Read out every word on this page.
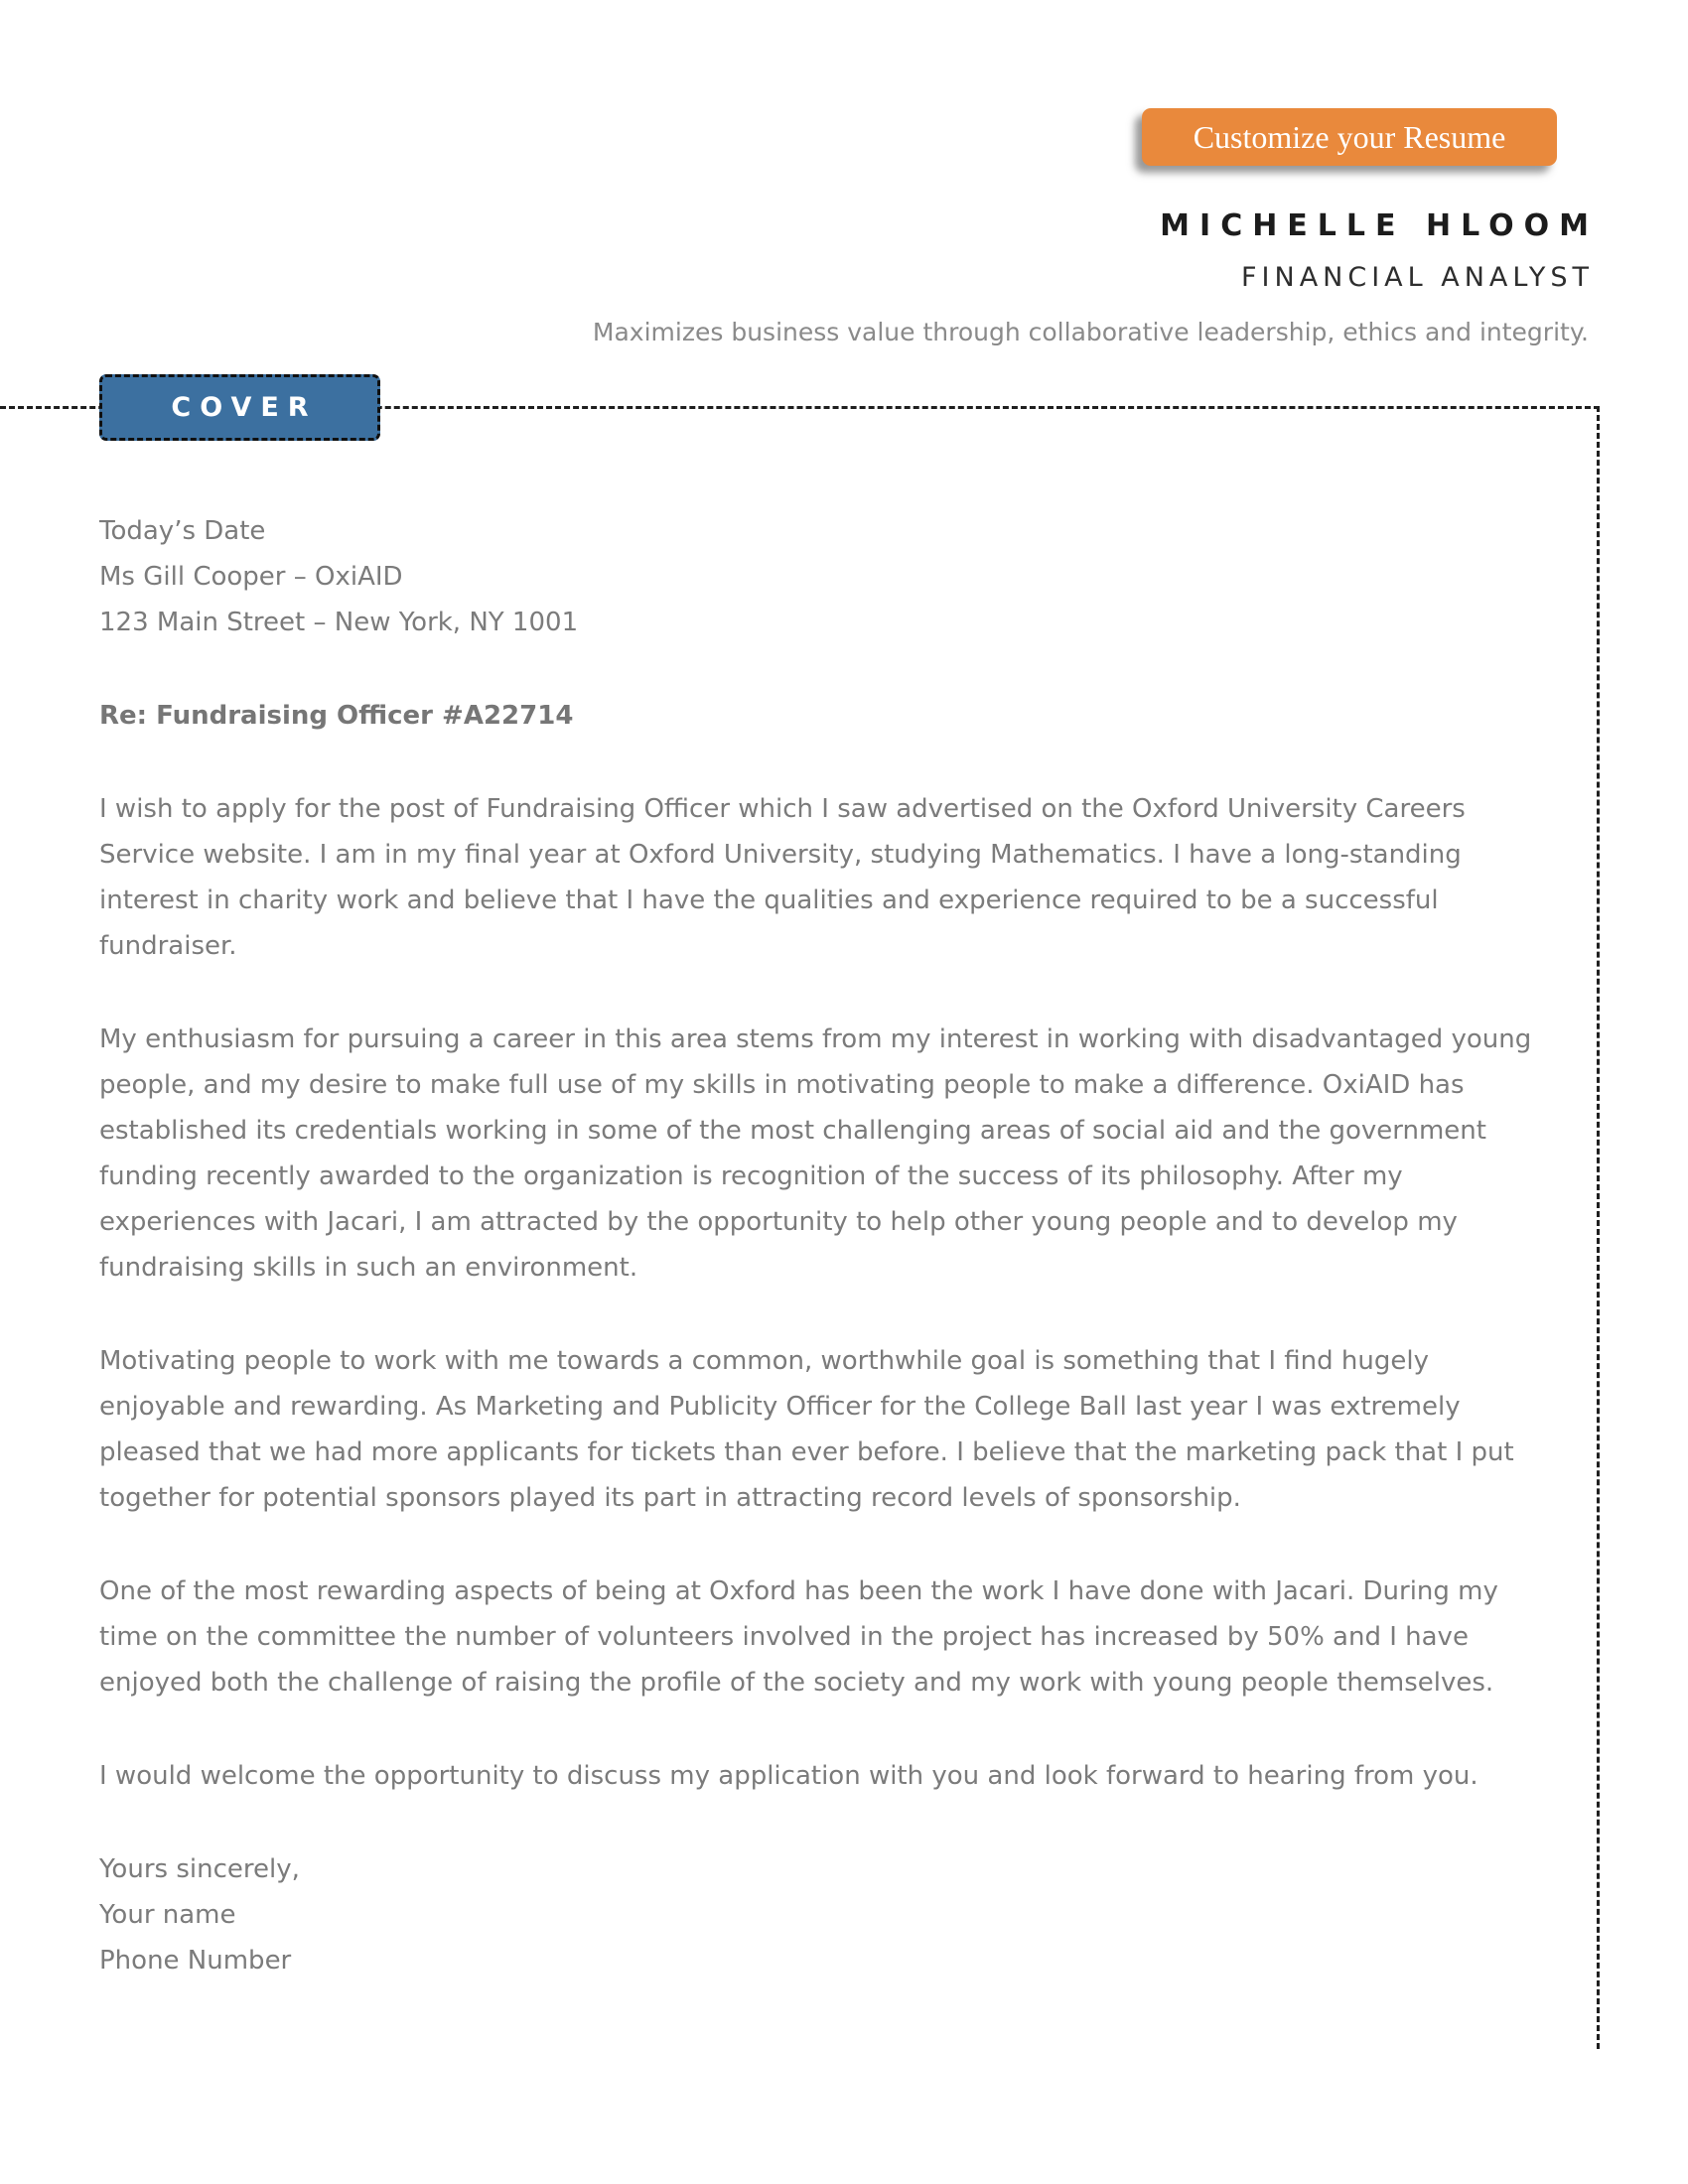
Customize your Resume
MICHELLE HLOOM
FINANCIAL ANALYST
Maximizes business value through collaborative leadership, ethics and integrity.
COVER
Today’s Date
Ms Gill Cooper – OxiAID
123 Main Street – New York, NY 1001
Re: Fundraising Officer #A22714

I wish to apply for the post of Fundraising Officer which I saw advertised on the Oxford University Careers Service website. I am in my final year at Oxford University, studying Mathematics. I have a long-standing interest in charity work and believe that I have the qualities and experience required to be a successful fundraiser.

My enthusiasm for pursuing a career in this area stems from my interest in working with disadvantaged young people, and my desire to make full use of my skills in motivating people to make a difference. OxiAID has established its credentials working in some of the most challenging areas of social aid and the government funding recently awarded to the organization is recognition of the success of its philosophy. After my experiences with Jacari, I am attracted by the opportunity to help other young people and to develop my fundraising skills in such an environment.

Motivating people to work with me towards a common, worthwhile goal is something that I find hugely enjoyable and rewarding. As Marketing and Publicity Officer for the College Ball last year I was extremely pleased that we had more applicants for tickets than ever before. I believe that the marketing pack that I put together for potential sponsors played its part in attracting record levels of sponsorship.

One of the most rewarding aspects of being at Oxford has been the work I have done with Jacari. During my time on the committee the number of volunteers involved in the project has increased by 50% and I have enjoyed both the challenge of raising the profile of the society and my work with young people themselves.

I would welcome the opportunity to discuss my application with you and look forward to hearing from you.

Yours sincerely,
Your name
Phone Number
